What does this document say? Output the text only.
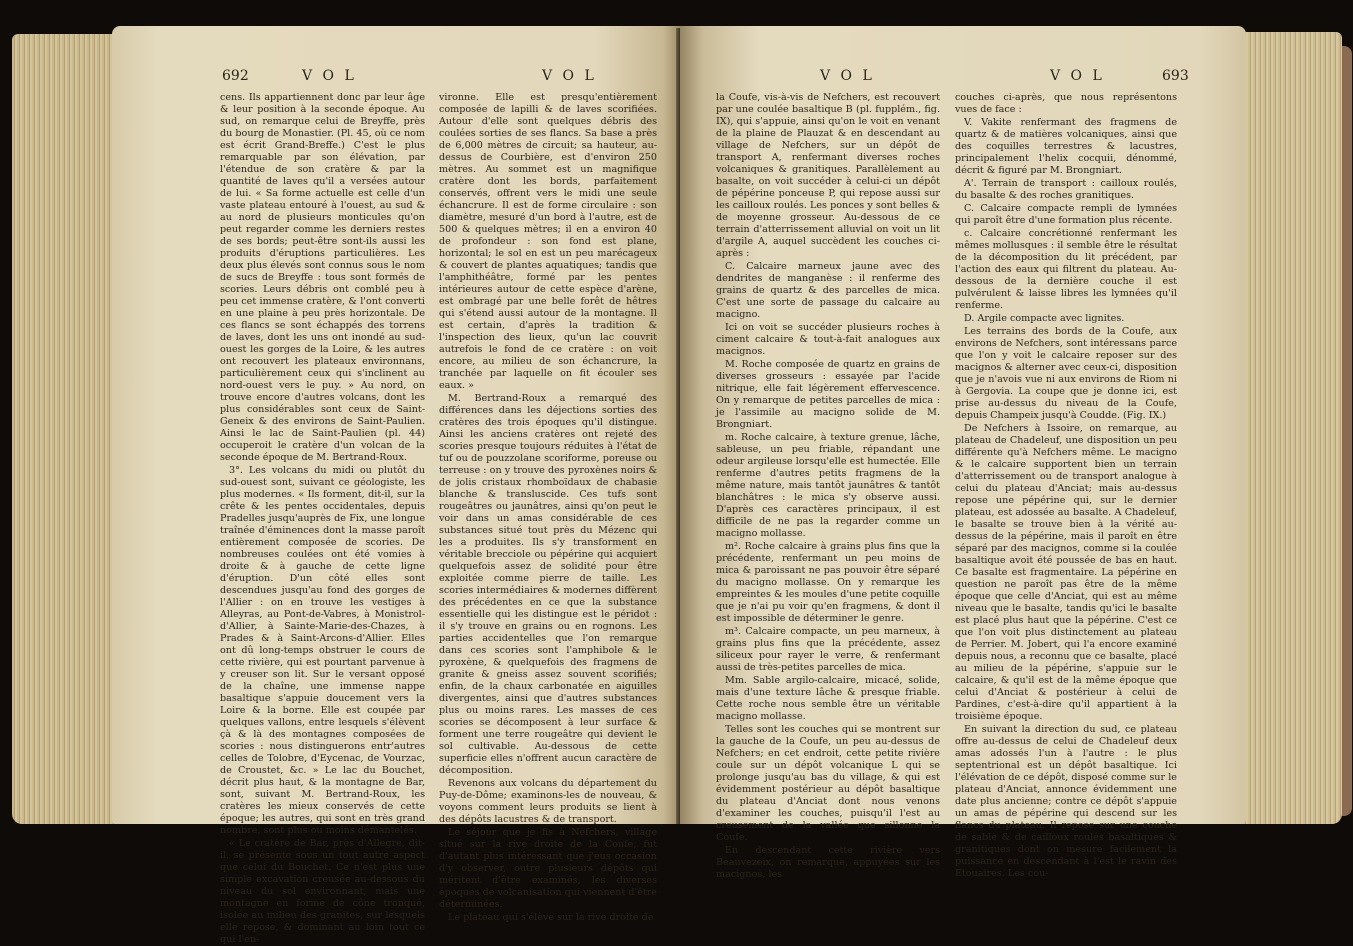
692	V O L	V O L

cens. Ils appartiennent donc par leur âge & leur position à la seconde époque. Au sud, on remarque celui de Breyffe, près du bourg de Monastier. (Pl. 45, où ce nom est écrit Grand-Breffe.) C'est le plus remarquable par son élévation, par l'étendue de son cratère & par la quantité de laves qu'il a versées autour de lui. « Sa forme actuelle est celle d'un vaste plateau entouré à l'ouest, au sud & au nord de plusieurs monticules qu'on peut regarder comme les derniers restes de ses bords; peut-être sont-ils aussi les produits d'éruptions particulières. Les deux plus élevés sont connus sous le nom de sucs de Breyffe : tous sont formés de scories. Leurs débris ont comblé peu à peu cet immense cratère, & l'ont converti en une plaine à peu près horizontale. De ces flancs se sont échappés des torrens de laves, dont les uns ont inondé au sud-ouest les gorges de la Loire, & les autres ont recouvert les plateaux environnans, particulièrement ceux qui s'inclinent au nord-ouest vers le puy. » Au nord, on trouve encore d'autres volcans, dont les plus considérables sont ceux de Saint-Geneix & des environs de Saint-Paulien. Ainsi le lac de Saint-Paulien (pl. 44) occuperoit le cratère d'un volcan de la seconde époque de M. Bertrand-Roux.

3°. Les volcans du midi ou plutôt du sud-ouest sont, suivant ce géologiste, les plus modernes. « Ils forment, dit-il, sur la crête & les pentes occidentales, depuis Pradelles jusqu'auprès de Fix, une longue traînée d'éminences dont la masse paroît entièrement composée de scories. De nombreuses coulées ont été vomies à droite & à gauche de cette ligne d'éruption. D'un côté elles sont descendues jusqu'au fond des gorges de l'Allier : on en trouve les vestiges à Alleyras, au Pont-de-Vabres, à Monistrol-d'Allier, à Sainte-Marie-des-Chazes, à Prades & à Saint-Arcons-d'Allier. Elles ont dû long-temps obstruer le cours de cette rivière, qui est pourtant parvenue à y creuser son lit. Sur le versant opposé de la chaîne, une immense nappe basaltique s'appuie doucement vers la Loire & la borne. Elle est coupée par quelques vallons, entre lesquels s'élèvent çà & là des montagnes composées de scories : nous distinguerons entr'autres celles de Tolobre, d'Eycenac, de Vourzac, de Croustet, &c. » Le lac du Bouchet, décrit plus haut, & la montagne de Bar, sont, suivant M. Bertrand-Roux, les cratères les mieux conservés de cette époque; les autres, qui sont en très grand nombre, sont plus ou moins démantelés.

« Le cratère de Bar, près d'Allegre, dit-il, se présente sous un tout autre aspect que celui du Bouchet. Ce n'est plus une simple excavation creusée au-dessous du niveau du sol environnant, mais une montagne en forme de cône tronqué, isolée au milieu des granites, sur lesquels elle repose, & dominant au loin tout ce qui l'en-

vironne. Elle est presqu'entièrement composée de lapilli & de laves scorifiées. Autour d'elle sont quelques débris des coulées sorties de ses flancs. Sa base a près de 6,000 mètres de circuit; sa hauteur, au-dessus de Courbière, est d'environ 250 mètres. Au sommet est un magnifique cratère dont les bords, parfaitement conservés, offrent vers le midi une seule échancrure. Il est de forme circulaire : son diamètre, mesuré d'un bord à l'autre, est de 500 & quelques mètres; il en a environ 40 de profondeur : son fond est plane, horizontal; le sol en est un peu marécageux & couvert de plantes aquatiques; tandis que l'amphithéâtre, formé par les pentes intérieures autour de cette espèce d'arène, est ombragé par une belle forêt de hêtres qui s'étend aussi autour de la montagne. Il est certain, d'après la tradition & l'inspection des lieux, qu'un lac couvrit autrefois le fond de ce cratère : on voit encore, au milieu de son échancrure, la tranchée par laquelle on fit écouler ses eaux. »

M. Bertrand-Roux a remarqué des différences dans les déjections sorties des cratères des trois époques qu'il distingue. Ainsi les anciens cratères ont rejeté des scories presque toujours réduites à l'état de tuf ou de pouzzolane scoriforme, poreuse ou terreuse : on y trouve des pyroxènes noirs & de jolis cristaux rhomboïdaux de chabasie blanche & transluscide. Ces tufs sont rougeâtres ou jaunâtres, ainsi qu'on peut le voir dans un amas considérable de ces substances situé tout près du Mézenc qui les a produites. Ils s'y transforment en véritable brecciole ou pépérine qui acquiert quelquefois assez de solidité pour être exploitée comme pierre de taille. Les scories intermédiaires & modernes diffèrent des précédentes en ce que la substance essentielle qui les distingue est le péridot : il s'y trouve en grains ou en rognons. Les parties accidentelles que l'on remarque dans ces scories sont l'amphibole & le pyroxène, & quelquefois des fragmens de granite & gneiss assez souvent scorifiés; enfin, de la chaux carbonatée en aiguilles divergentes, ainsi que d'autres substances plus ou moins rares. Les masses de ces scories se décomposent à leur surface & forment une terre rougeâtre qui devient le sol cultivable. Au-dessous de cette superficie elles n'offrent aucun caractère de décomposition.

Revenons aux volcans du département du Puy-de-Dôme; examinons-les de nouveau, & voyons comment leurs produits se lient à des dépôts lacustres & de transport.

Le séjour que je fis à Nefchers, village situé sur la rive droite de la Coufe, fut d'autant plus intéressant que j'eus occasion d'y observer, outre plusieurs dépôts qui méritent d'être examinés, les diverses époques de volcanisation qui viennent d'être déterminées.

Le plateau qui s'élève sur la rive droite de

V O L	V O L	693

la Coufe, vis-à-vis de Nefchers, est recouvert par une coulée basaltique B (pl. fupplém., fig. IX), qui s'appuie, ainsi qu'on le voit en venant de la plaine de Plauzat & en descendant au village de Nefchers, sur un dépôt de transport A, renfermant diverses roches volcaniques & granitiques. Parallèlement au basalte, on voit succéder à celui-ci un dépôt de pépérine ponceuse P, qui repose aussi sur les cailloux roulés. Les ponces y sont belles & de moyenne grosseur. Au-dessous de ce terrain d'atterrissement alluvial on voit un lit d'argile A, auquel succèdent les couches ci-après :

C. Calcaire marneux jaune avec des dendrites de manganèse : il renferme des grains de quartz & des parcelles de mica. C'est une sorte de passage du calcaire au macigno.

Ici on voit se succéder plusieurs roches à ciment calcaire & tout-à-fait analogues aux macignos.

M. Roche composée de quartz en grains de diverses grosseurs : essayée par l'acide nitrique, elle fait légèrement effervescence. On y remarque de petites parcelles de mica : je l'assimile au macigno solide de M. Brongniart.

m. Roche calcaire, à texture grenue, lâche, sableuse, un peu friable, répandant une odeur argileuse lorsqu'elle est humectée. Elle renferme d'autres petits fragmens de la même nature, mais tantôt jaunâtres & tantôt blanchâtres : le mica s'y observe aussi. D'après ces caractères principaux, il est difficile de ne pas la regarder comme un macigno mollasse.

m². Roche calcaire à grains plus fins que la précédente, renfermant un peu moins de mica & paroissant ne pas pouvoir être séparé du macigno mollasse. On y remarque les empreintes & les moules d'une petite coquille que je n'ai pu voir qu'en fragmens, & dont il est impossible de déterminer le genre.

m³. Calcaire compacte, un peu marneux, à grains plus fins que la précédente, assez siliceux pour rayer le verre, & renfermant aussi de très-petites parcelles de mica.

Mm. Sable argilo-calcaire, micacé, solide, mais d'une texture lâche & presque friable. Cette roche nous semble être un véritable macigno mollasse.

Telles sont les couches qui se montrent sur la gauche de la Coufe, un peu au-dessus de Nefchers; en cet endroit, cette petite rivière coule sur un dépôt volcanique L qui se prolonge jusqu'au bas du village, & qui est évidemment postérieur au dépôt basaltique du plateau d'Anciat dont nous venons d'examiner les couches, puisqu'il l'est au creusement de la vallée que sillonne la Coufe.

En descendant cette rivière vers Beauvezeix, on remarque, appuyées sur les macignos, les

couches ci-après, que nous représentons vues de face :

V. Vakite renfermant des fragmens de quartz & de matières volcaniques, ainsi que des coquilles terrestres & lacustres, principalement l'helix cocquii, dénommé, décrit & figuré par M. Brongniart.

A'. Terrain de transport : cailloux roulés, du basalte & des roches granitiques.

C. Calcaire compacte rempli de lymnées qui paroît être d'une formation plus récente.

c. Calcaire concrétionné renfermant les mêmes mollusques : il semble être le résultat de la décomposition du lit précédent, par l'action des eaux qui filtrent du plateau. Au-dessous de la dernière couche il est pulvérulent & laisse libres les lymnées qu'il renferme.

D. Argile compacte avec lignites.

Les terrains des bords de la Coufe, aux environs de Nefchers, sont intéressans parce que l'on y voit le calcaire reposer sur des macignos & alterner avec ceux-ci, disposition que je n'avois vue ni aux environs de Riom ni à Gergovia. La coupe que je donne ici, est prise au-dessus du niveau de la Coufe, depuis Champeix jusqu'à Coudde. (Fig. IX.)

De Nefchers à Issoire, on remarque, au plateau de Chadeleuf, une disposition un peu différente qu'à Nefchers même. Le macigno & le calcaire supportent bien un terrain d'atterrissement ou de transport analogue à celui du plateau d'Anciat; mais au-dessus repose une pépérine qui, sur le dernier plateau, est adossée au basalte. A Chadeleuf, le basalte se trouve bien à la vérité au-dessus de la pépérine, mais il paroît en être séparé par des macignos, comme si la coulée basaltique avoit été poussée de bas en haut. Ce basalte est fragmentaire. La pépérine en question ne paroît pas être de la même époque que celle d'Anciat, qui est au même niveau que le basalte, tandis qu'ici le basalte est placé plus haut que la pépérine. C'est ce que l'on voit plus distinctement au plateau de Perrier. M. Jobert, qui l'a encore examiné depuis nous, a reconnu que ce basalte, placé au milieu de la pépérine, s'appuie sur le calcaire, & qu'il est de la même époque que celui d'Anciat & postérieur à celui de Pardines, c'est-à-dire qu'il appartient à la troisième époque.

En suivant la direction du sud, ce plateau offre au-dessus de celui de Chadeleuf deux amas adossés l'un à l'autre : le plus septentrional est un dépôt basaltique. Ici l'élévation de ce dépôt, disposé comme sur le plateau d'Anciat, annonce évidemment une date plus ancienne; contre ce dépôt s'appuie un amas de pépérine qui descend sur les flancs du plateau. Il repose sur une couche de sable & de cailloux roulés basaltiques & granitiques dont on mesure facilement la puissance en descendant à l'est le ravin des Etouaires. Les cou-
